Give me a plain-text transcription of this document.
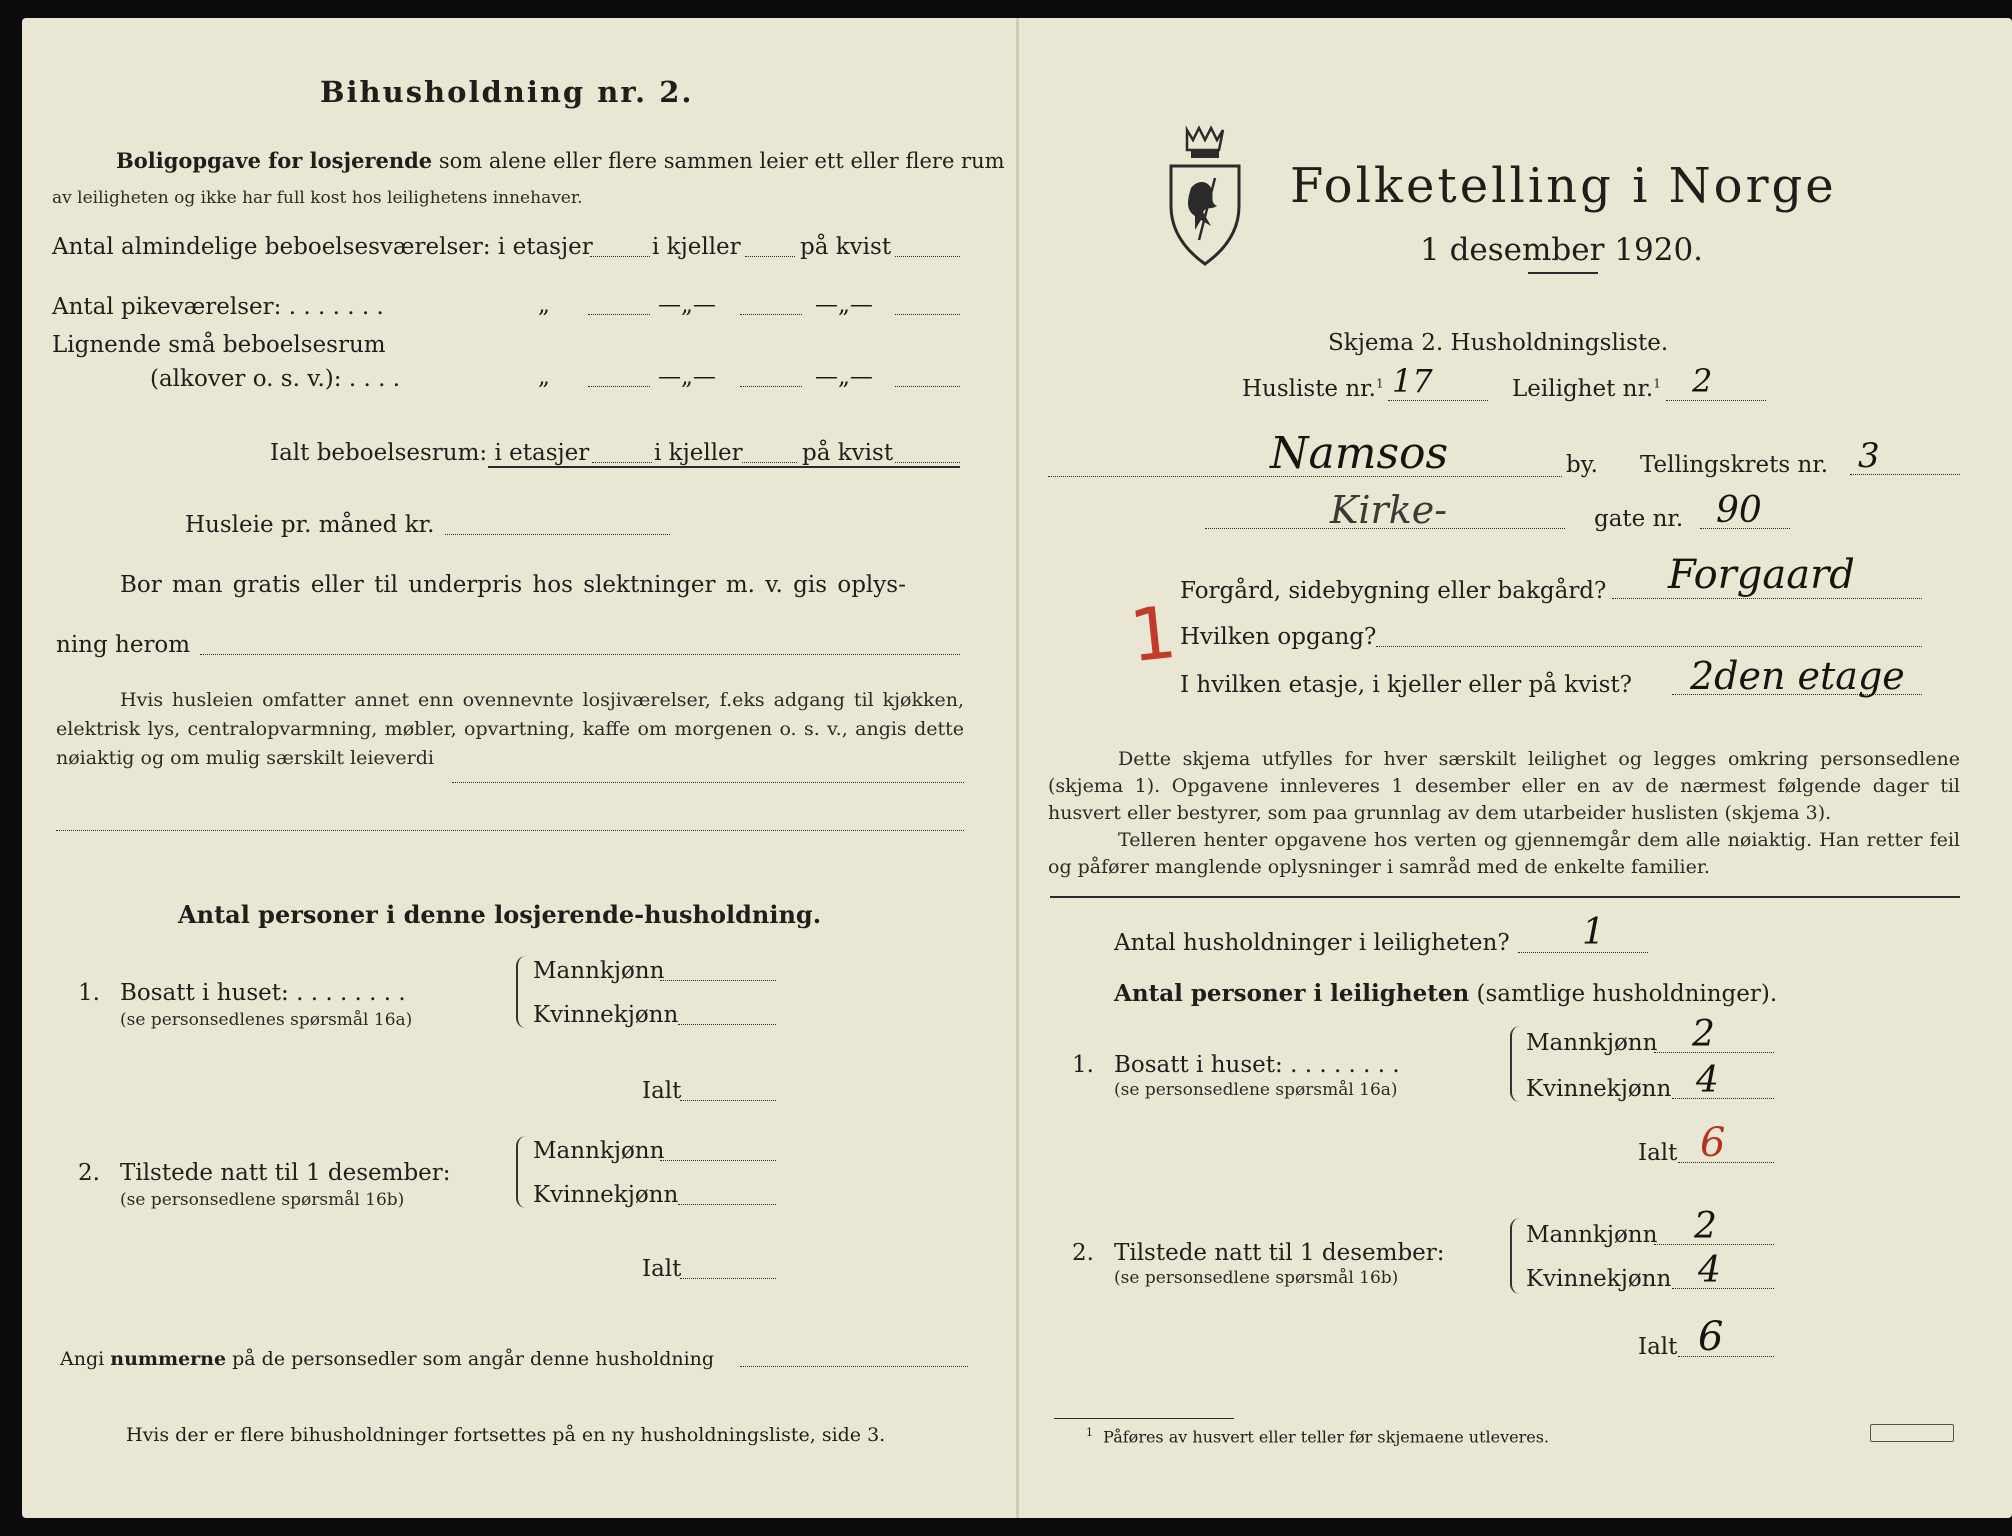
Bihusholdning nr. 2.
Boligopgave for losjerende som alene eller flere sammen leier ett eller flere rum
av leiligheten og ikke har full kost hos leilighetens innehaver.
Antal almindelige beboelsesværelser: i etasjer	i kjeller	på kvist
Antal pikeværelser: . . . . . . .	„	—„—	—„—
Lignende små beboelsesrum
(alkover o. s. v.): . . . .	„	—„—	—„—
Ialt beboelsesrum: i etasjer	i kjeller	på kvist
Husleie pr. måned kr.
Bor man gratis eller til underpris hos slektninger m. v. gis oplys-
ning herom
Hvis husleien omfatter annet enn ovennevnte losjiværelser, f.eks adgang til kjøkken, elektrisk lys, centralopvarmning, møbler, opvartning, kaffe om morgenen o. s. v., angis dette nøiaktig og om mulig særskilt leieverdi
Antal personer i denne losjerende-husholdning.
1. Bosatt i huset: . . . . . . . .
(se personsedlenes spørsmål 16a)
Mannkjønn
Kvinnekjønn
Ialt
2. Tilstede natt til 1 desember:
(se personsedlene spørsmål 16b)
Mannkjønn
Kvinnekjønn
Ialt
Angi nummerne på de personsedler som angår denne husholdning
Hvis der er flere bihusholdninger fortsettes på en ny husholdningsliste, side 3.
Folketelling i Norge
1 desember 1920.
Skjema 2. Husholdningsliste.
Husliste nr.$^1$ 17	Leilighet nr.$^1$ 2
Namsos	by. Tellingskrets nr. 3
Kirke-	gate nr. 90
1 Forgård, sidebygning eller bakgård? Forgaard
Hvilken opgang?
I hvilken etasje, i kjeller eller på kvist? 2den etage
Dette skjema utfylles for hver særskilt leilighet og legges omkring personsedlene (skjema 1). Opgavene innleveres 1 desember eller en av de nærmest følgende dager til husvert eller bestyrer, som paa grunnlag av dem utarbeider huslisten (skjema 3).
Telleren henter opgavene hos verten og gjennemgår dem alle nøiaktig. Han retter feil og påfører manglende oplysninger i samråd med de enkelte familier.
Antal husholdninger i leiligheten? 1
Antal personer i leiligheten (samtlige husholdninger).
1. Bosatt i huset: . . . . . . . .
(se personsedlene spørsmål 16a)
Mannkjønn 2
Kvinnekjønn 4
Ialt 6
2. Tilstede natt til 1 desember:
(se personsedlene spørsmål 16b)
Mannkjønn 2
Kvinnekjønn 4
Ialt 6
$^1$ Påføres av husvert eller teller før skjemaene utleveres.
